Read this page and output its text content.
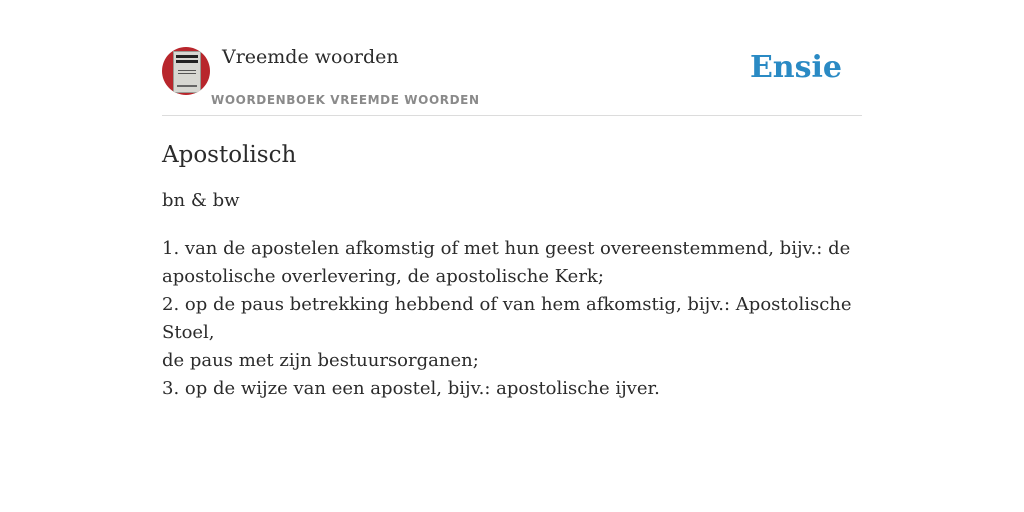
Vreemde woorden
WOORDENBOEK VREEMDE WOORDEN
Ensie
Apostolisch
bn & bw
1. van de apostelen afkomstig of met hun geest overeenstemmend, bijv.: de
apostolische overlevering, de apostolische Kerk;
2. op de paus betrekking hebbend of van hem afkomstig, bijv.: Apostolische Stoel,
de paus met zijn bestuursorganen;
3. op de wijze van een apostel, bijv.: apostolische ijver.
